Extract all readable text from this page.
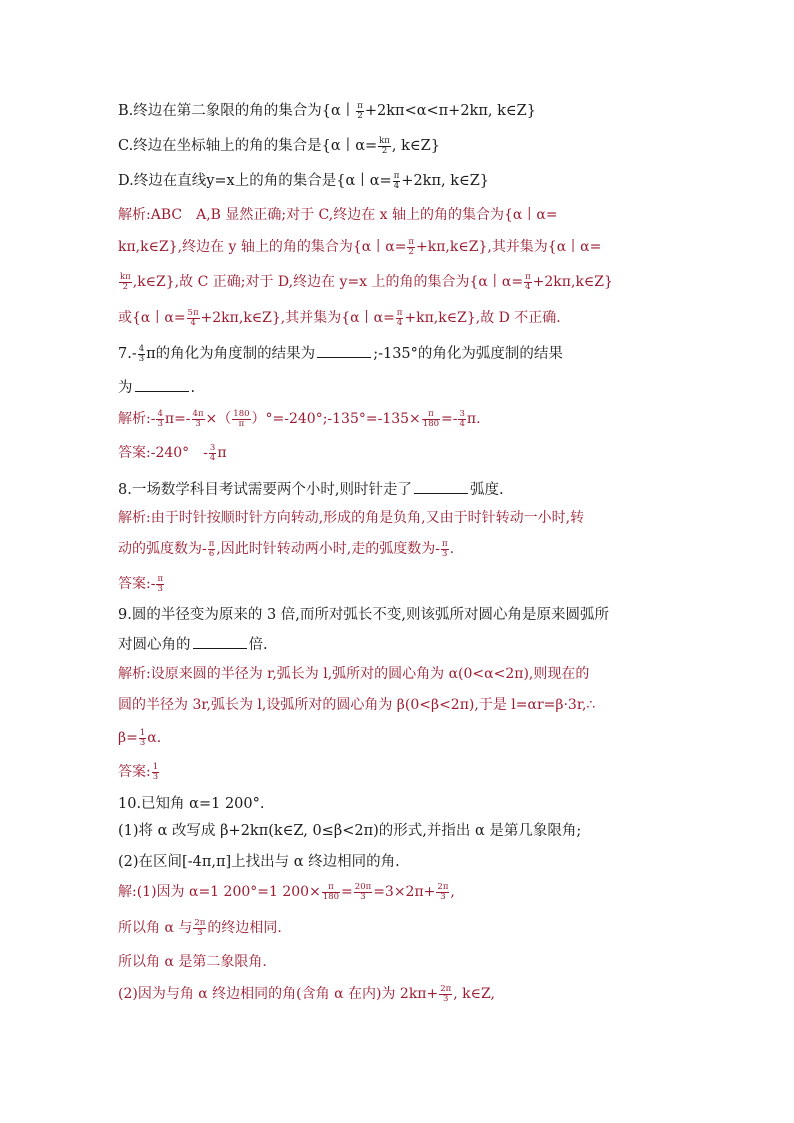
B.终边在第二象限的角的集合为{α丨 $\frac{\pi}{2} +2k\pi<\alpha<\pi+2k\pi$, k∈Z}
C.终边在坐标轴上的角的集合是{α丨$\alpha= \frac{k\pi}{2}$ , k∈Z}
D.终边在直线y=x上的角的集合是{α丨$\alpha= \frac{\pi}{4} +2k\pi$, k∈Z}
解析:ABC　A,B 显然正确;对于 C,终边在 x 轴上的角的集合为{α丨α=
kπ,k∈Z},终边在 y 轴上的角的集合为{α丨$\alpha= \frac{\pi}{2}$ +kπ,k∈Z},其并集为{α丨α=
$\frac{k\pi}{2}$ ,k∈Z},故 C 正确;对于 D,终边在 y=x 上的角的集合为{α丨$\alpha= \frac{\pi}{4}$ +2kπ,k∈Z}
或{α丨$\alpha= \frac{5\pi}{4}$ +2kπ,k∈Z},其并集为{α丨$\alpha= \frac{\pi}{4}$ +kπ,k∈Z},故 D 不正确.
$7.- \frac{4}{3}$ π的角化为角度制的结果为	;-135°的角化为弧度制的结果
为	.
解析:- $\frac{4}{3} \pi=- \frac{4\pi}{3}$ ×（ $\frac{180}{\pi}$ ）°=-240°;-135°=-135× $\frac{\pi}{180} =- \frac{3}{4} \pi$.
答案:-240°　- $\frac{3}{4}$ π
8.一场数学科目考试需要两个小时,则时针走了	弧度.
解析:由于时针按顺时针方向转动,形成的角是负角,又由于时针转动一小时,转
动的弧度数为- $\frac{\pi}{6}$ ,因此时针转动两小时,走的弧度数为- $\frac{\pi}{3}$ .
答案:- $\frac{\pi}{3}$
9.圆的半径变为原来的 3 倍,而所对弧长不变,则该弧所对圆心角是原来圆弧所
对圆心角的	倍.
解析:设原来圆的半径为 r,弧长为 l,弧所对的圆心角为 α(0<α<2π),则现在的
圆的半径为 3r,弧长为 l,设弧所对的圆心角为 β(0<β<2π),于是 l=αr=β·3r,∴
$\beta= \frac{1}{3} \alpha$.
答案: $\frac{1}{3}$
10.已知角 α=1 200°.
(1)将 α 改写成 β+2kπ(k∈Z, 0≤β<2π)的形式,并指出 α 是第几象限角;
(2)在区间[-4π,π]上找出与 α 终边相同的角.
解:(1)因为 α=1 200°=1 $200\times \frac{\pi}{180} = \frac{20\pi}{3} =3\times 2\pi+ \frac{2\pi}{3}$ ,
所以角 α 与 $\frac{2\pi}{3}$ 的终边相同.
所以角 α 是第二象限角.
(2)因为与角 α 终边相同的角(含角 α 在内)为 $2k\pi+ \frac{2\pi}{3}$ , k∈Z,
